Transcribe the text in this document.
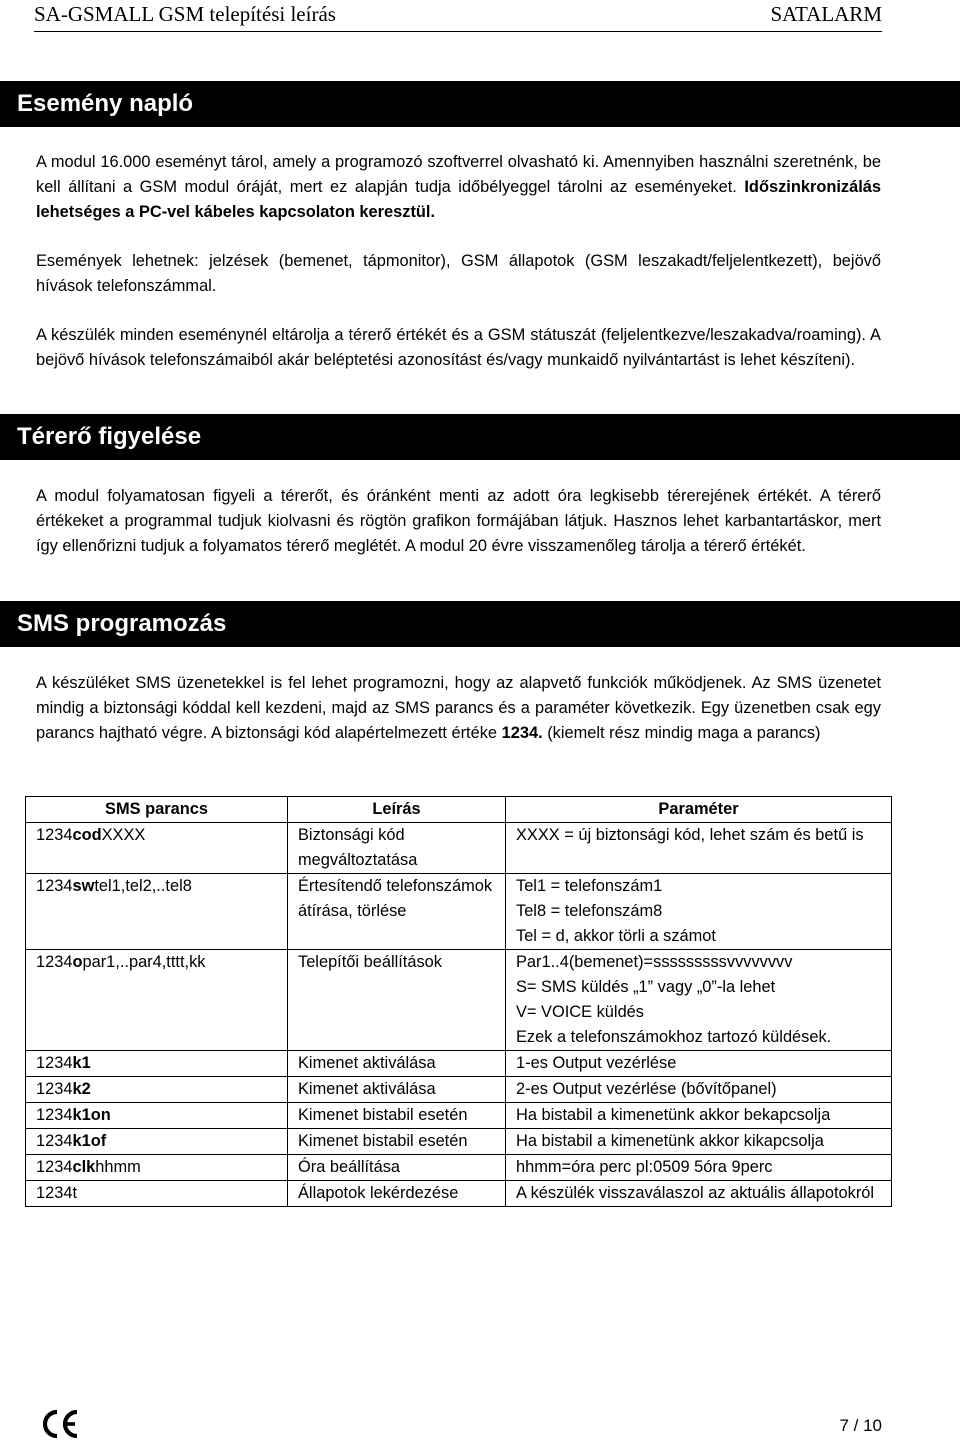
SA-GSMALL GSM telepítési leírás	SATALARM
Esemény napló

A modul 16.000 eseményt tárol, amely a programozó szoftverrel olvasható ki. Amennyiben használni szeretnénk, be kell állítani a GSM modul óráját, mert ez alapján tudja időbélyeggel tárolni az eseményeket. Időszinkronizálás lehetséges a PC-vel kábeles kapcsolaton keresztül.

Események lehetnek: jelzések (bemenet, tápmonitor), GSM állapotok (GSM leszakadt/feljelentkezett), bejövő hívások telefonszámmal.

A készülék minden eseménynél eltárolja a térerő értékét és a GSM státuszát (feljelentkezve/leszakadva/roaming). A bejövő hívások telefonszámaiból akár beléptetési azonosítást és/vagy munkaidő nyilvántartást is lehet készíteni).

Térerő figyelése

A modul folyamatosan figyeli a térerőt, és óránként menti az adott óra legkisebb térerejének értékét. A térerő értékeket a programmal tudjuk kiolvasni és rögtön grafikon formájában látjuk. Hasznos lehet karbantartáskor, mert így ellenőrizni tudjuk a folyamatos térerő meglétét. A modul 20 évre visszamenőleg tárolja a térerő értékét.

SMS programozás

A készüléket SMS üzenetekkel is fel lehet programozni, hogy az alapvető funkciók működjenek. Az SMS üzenetet mindig a biztonsági kóddal kell kezdeni, majd az SMS parancs és a paraméter következik. Egy üzenetben csak egy parancs hajtható végre. A biztonsági kód alapértelmezett értéke 1234. (kiemelt rész mindig maga a parancs)

SMS parancs	Leírás	Paraméter
1234codXXXX	Biztonsági kód megváltoztatása	XXXX = új biztonsági kód, lehet szám és betű is

1234swtel1,tel2,..tel8	Értesítendő telefonszámok átírása, törlése	Tel1 = telefonszám1
Tel8 = telefonszám8
Tel = d, akkor törli a számot

1234opar1,..par4,tttt,kk	Telepítői beállítások	Par1..4(bemenet)=sssssssssvvvvvvvv
S= SMS küldés „1” vagy „0”-la lehet
V= VOICE küldés
Ezek a telefonszámokhoz tartozó küldések.

1234k1	Kimenet aktiválása	1-es Output vezérlése

1234k2	Kimenet aktiválása	2-es Output vezérlése (bővítőpanel)

1234k1on	Kimenet bistabil esetén	Ha bistabil a kimenetünk akkor bekapcsolja

1234k1of	Kimenet bistabil esetén	Ha bistabil a kimenetünk akkor kikapcsolja

1234clkhhmm	Óra beállítása	hhmm=óra perc pl:0509 5óra 9perc

1234t	Állapotok lekérdezése	A készülék visszaválaszol az aktuális állapotokról
7 / 10
